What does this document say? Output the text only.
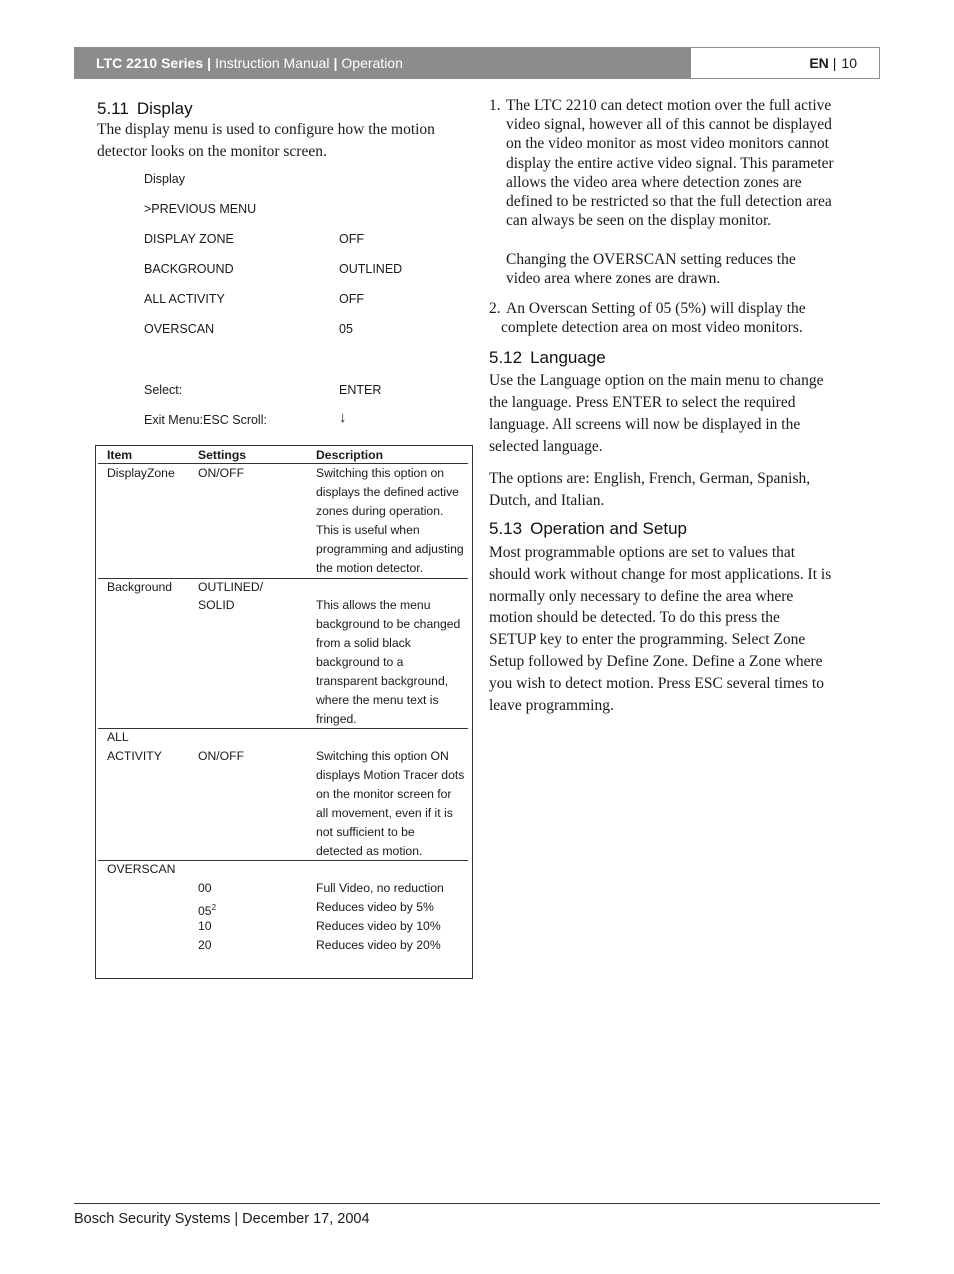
LTC 2210 Series | Instruction Manual | Operation	EN | 10
5.11 Display

The display menu is used to configure how the motion detector looks on the monitor screen.

Display
>PREVIOUS MENU
DISPLAY ZONE	OFF
BACKGROUND	OUTLINED
ALL ACTIVITY	OFF
OVERSCAN	05
Select:	ENTER
Exit Menu:ESC Scroll:	↓
Item	Settings	Description
DisplayZone ON/OFF	Switching this option on
displays the defined active
zones during operation.
This is useful when
programming and adjusting
the motion detector.
Background OUTLINED/
SOLID	This allows the menu
background to be changed
from a solid black
background to a
transparent background,
where the menu text is
fringed.
ALL
ACTIVITY	ON/OFF	Switching this option ON
displays Motion Tracer dots
on the monitor screen for
all movement, even if it is
not sufficient to be
detected as motion.
OVERSCAN
00	Full Video, no reduction
$05^2$	Reduces video by 5%
10	Reduces video by 10%
20	Reduces video by 20%
1. The LTC 2210 can detect motion over the full active
video signal, however all of this cannot be displayed
on the video monitor as most video monitors cannot
display the entire active video signal. This parameter
allows the video area where detection zones are
defined to be restricted so that the full detection area
can always be seen on the display monitor.
Changing the OVERSCAN setting reduces the
video area where zones are drawn.
2. An Overscan Setting of 05 (5%) will display the
complete detection area on most video monitors.
5.12 Language
Use the Language option on the main menu to change
the language. Press ENTER to select the required
language. All screens will now be displayed in the
selected language.
The options are: English, French, German, Spanish,
Dutch, and Italian.
5.13 Operation and Setup
Most programmable options are set to values that
should work without change for most applications. It is
normally only necessary to define the area where
motion should be detected. To do this press the
SETUP key to enter the programming. Select Zone
Setup followed by Define Zone. Define a Zone where
you wish to detect motion. Press ESC several times to
leave programming.
Bosch Security Systems | December 17, 2004
